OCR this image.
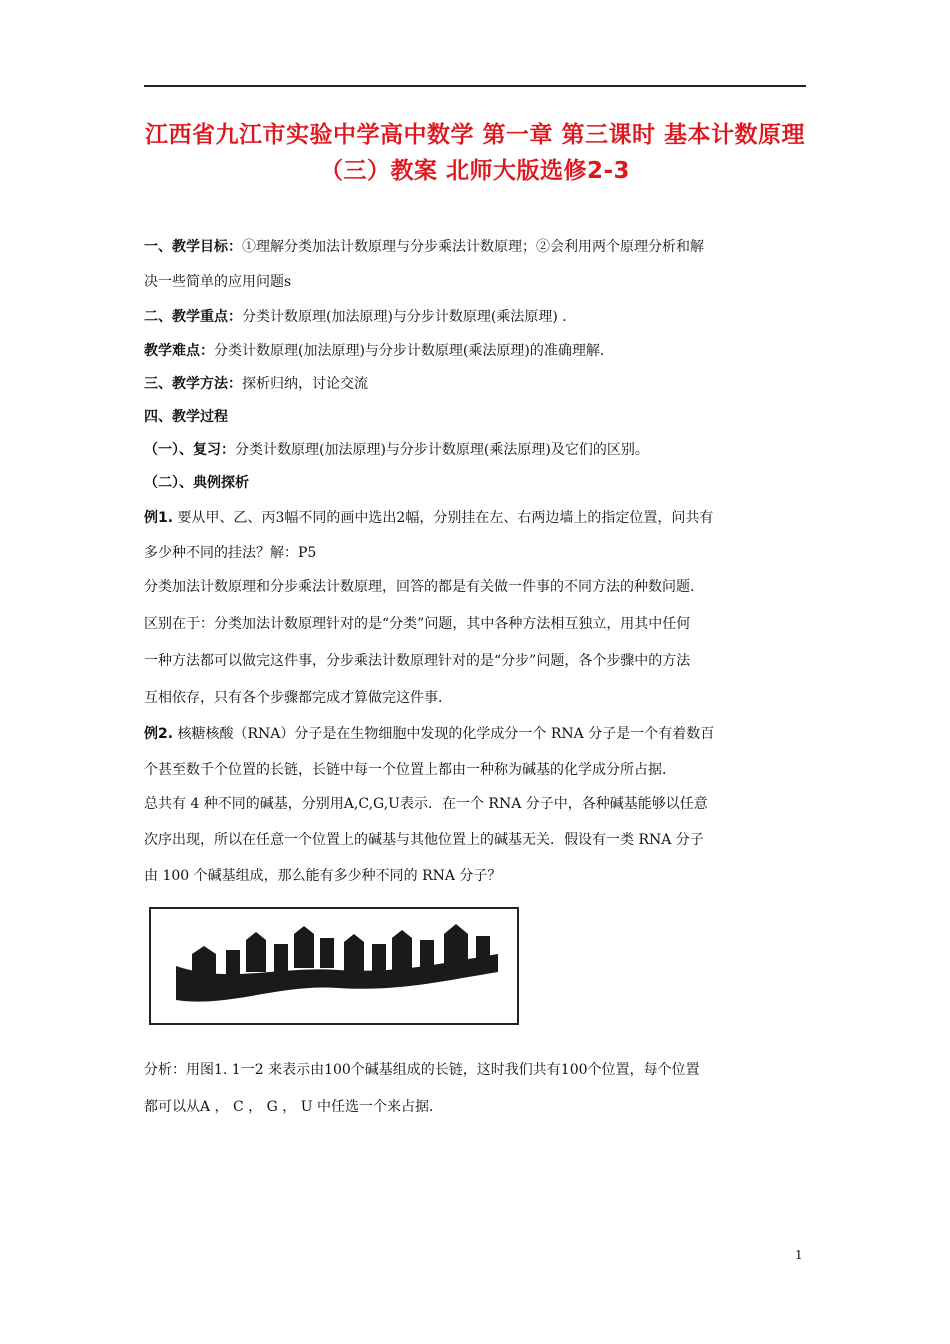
江西省九江市实验中学高中数学 第一章 第三课时 基本计数原理
（三）教案 北师大版选修2-3
一、教学目标：①理解分类加法计数原理与分步乘法计数原理；②会利用两个原理分析和解
决一些简单的应用问题s
二、教学重点：分类计数原理(加法原理)与分步计数原理(乘法原理) ．
教学难点：分类计数原理(加法原理)与分步计数原理(乘法原理)的准确理解．
三、教学方法：探析归纳，讨论交流
四、教学过程
（一）、复习：分类计数原理(加法原理)与分步计数原理(乘法原理)及它们的区别。
（二）、典例探析
例1. 要从甲、乙、丙3幅不同的画中选出2幅，分别挂在左、右两边墙上的指定位置，问共有
多少种不同的挂法？解：P5
分类加法计数原理和分步乘法计数原理，回答的都是有关做一件事的不同方法的种数问题．
区别在于：分类加法计数原理针对的是“分类”问题，其中各种方法相互独立，用其中任何
一种方法都可以做完这件事，分步乘法计数原理针对的是“分步”问题，各个步骤中的方法
互相依存，只有各个步骤都完成才算做完这件事．
例2. 核糖核酸（RNA）分子是在生物细胞中发现的化学成分一个 RNA 分子是一个有着数百
个甚至数千个位置的长链，长链中每一个位置上都由一种称为碱基的化学成分所占据．
总共有 4 种不同的碱基，分别用A,C,G,U表示．在一个 RNA 分子中，各种碱基能够以任意
次序出现，所以在任意一个位置上的碱基与其他位置上的碱基无关．假设有一类 RNA 分子
由 100 个碱基组成，那么能有多少种不同的 RNA 分子？
分析：用图1. 1一2 来表示由100个碱基组成的长链，这时我们共有100个位置，每个位置
都可以从A ， C ， G ， U 中任选一个来占据．
1
